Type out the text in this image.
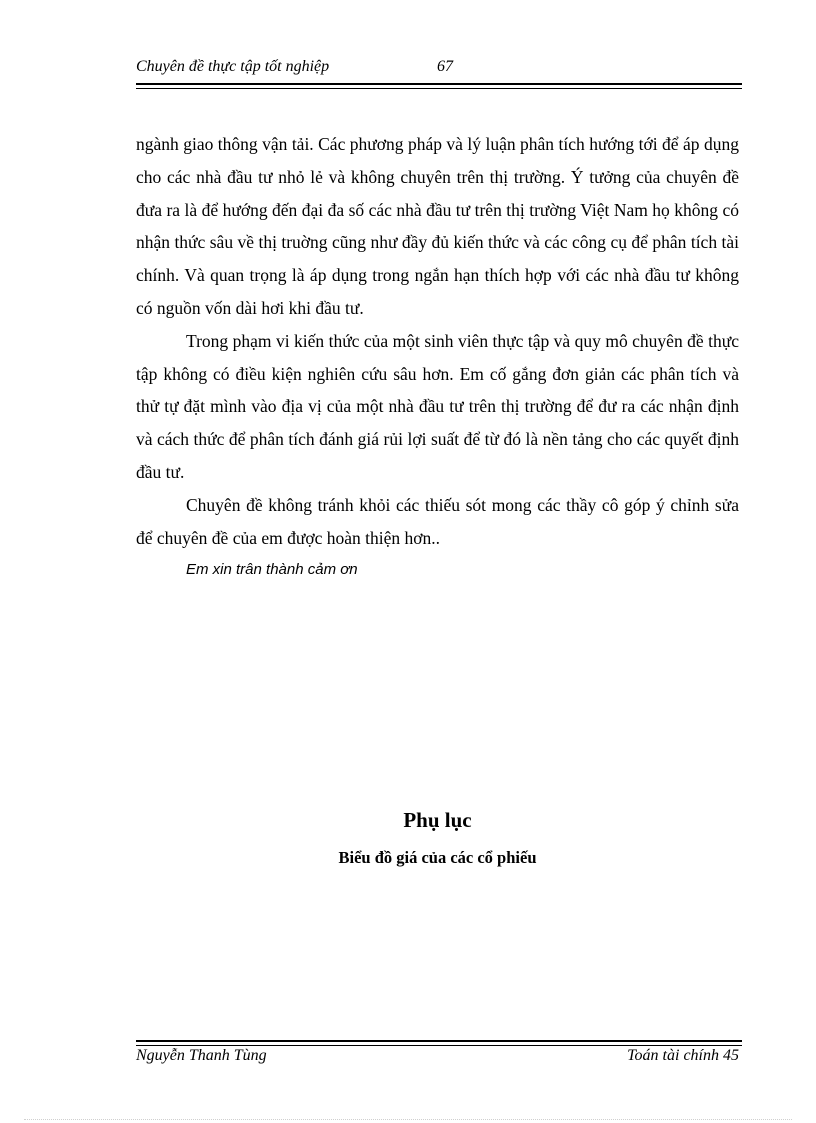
Chuyên đề thực tập tốt nghiệp	67

ngành giao thông vận tải. Các phương pháp và lý luận phân tích hướng tới để áp dụng cho các nhà đầu tư nhỏ lẻ và không chuyên trên thị trường. Ý tưởng của chuyên đề đưa ra là để hướng đến đại đa số các nhà đầu tư trên thị trường Việt Nam họ không có nhận thức sâu về thị truờng cũng như đầy đủ kiến thức và các công cụ để phân tích tài chính. Và quan trọng là áp dụng trong ngắn hạn thích hợp với các nhà đầu tư không có nguồn vốn dài hơi khi đầu tư.

Trong phạm vi kiến thức của một sinh viên thực tập và quy mô chuyên đề thực tập không có điều kiện nghiên cứu sâu hơn. Em cố gắng đơn giản các phân tích và thử tự đặt mình vào địa vị của một nhà đầu tư trên thị trường để đư ra các nhận định và cách thức để phân tích đánh giá rủi lợi suất để từ đó là nền tảng cho các quyết định đầu tư.

Chuyên đề không tránh khỏi các thiếu sót mong các thầy cô góp ý chỉnh sửa để chuyên đề của em được hoàn thiện hơn..

Em xin trân thành cảm ơn

Phụ lục
Biểu đồ giá của các cổ phiếu
Nguyễn Thanh Tùng	Toán tài chính 45
